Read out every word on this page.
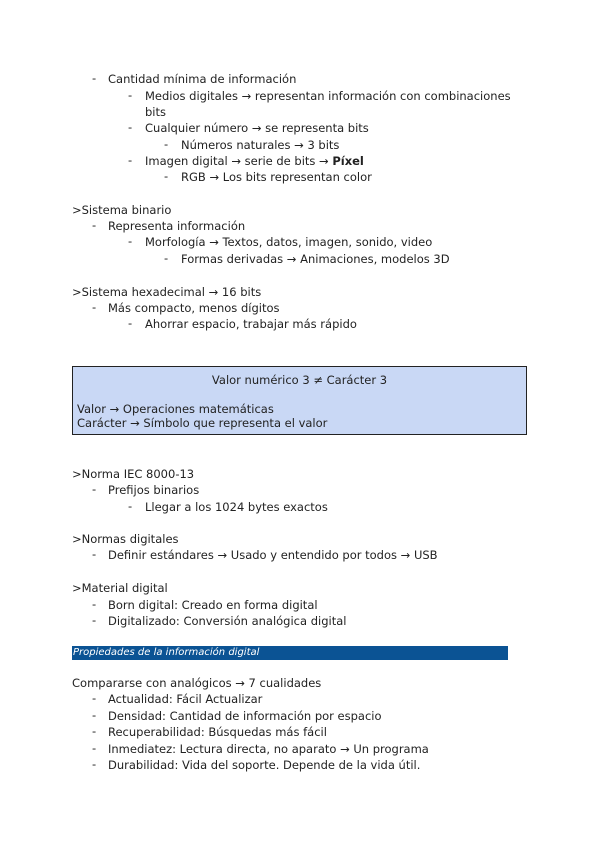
- Cantidad mínima de información
- Medios digitales → representan información con combinaciones
bits
- Cualquier número → se representa bits
- Números naturales → 3 bits
- Imagen digital → serie de bits → Píxel
- RGB → Los bits representan color
>Sistema binario
- Representa información
- Morfología → Textos, datos, imagen, sonido, video
- Formas derivadas → Animaciones, modelos 3D
>Sistema hexadecimal → 16 bits
- Más compacto, menos dígitos
- Ahorrar espacio, trabajar más rápido
Valor numérico 3 ≠ Carácter 3
Valor → Operaciones matemáticas
Carácter → Símbolo que representa el valor
>Norma IEC 8000-13
- Prefijos binarios
- Llegar a los 1024 bytes exactos
>Normas digitales
- Definir estándares → Usado y entendido por todos → USB
>Material digital
- Born digital: Creado en forma digital
- Digitalizado: Conversión analógica digital
Propiedades de la información digital
Compararse con analógicos → 7 cualidades
- Actualidad: Fácil Actualizar
- Densidad: Cantidad de información por espacio
- Recuperabilidad: Búsquedas más fácil
- Inmediatez: Lectura directa, no aparato → Un programa
- Durabilidad: Vida del soporte. Depende de la vida útil.
